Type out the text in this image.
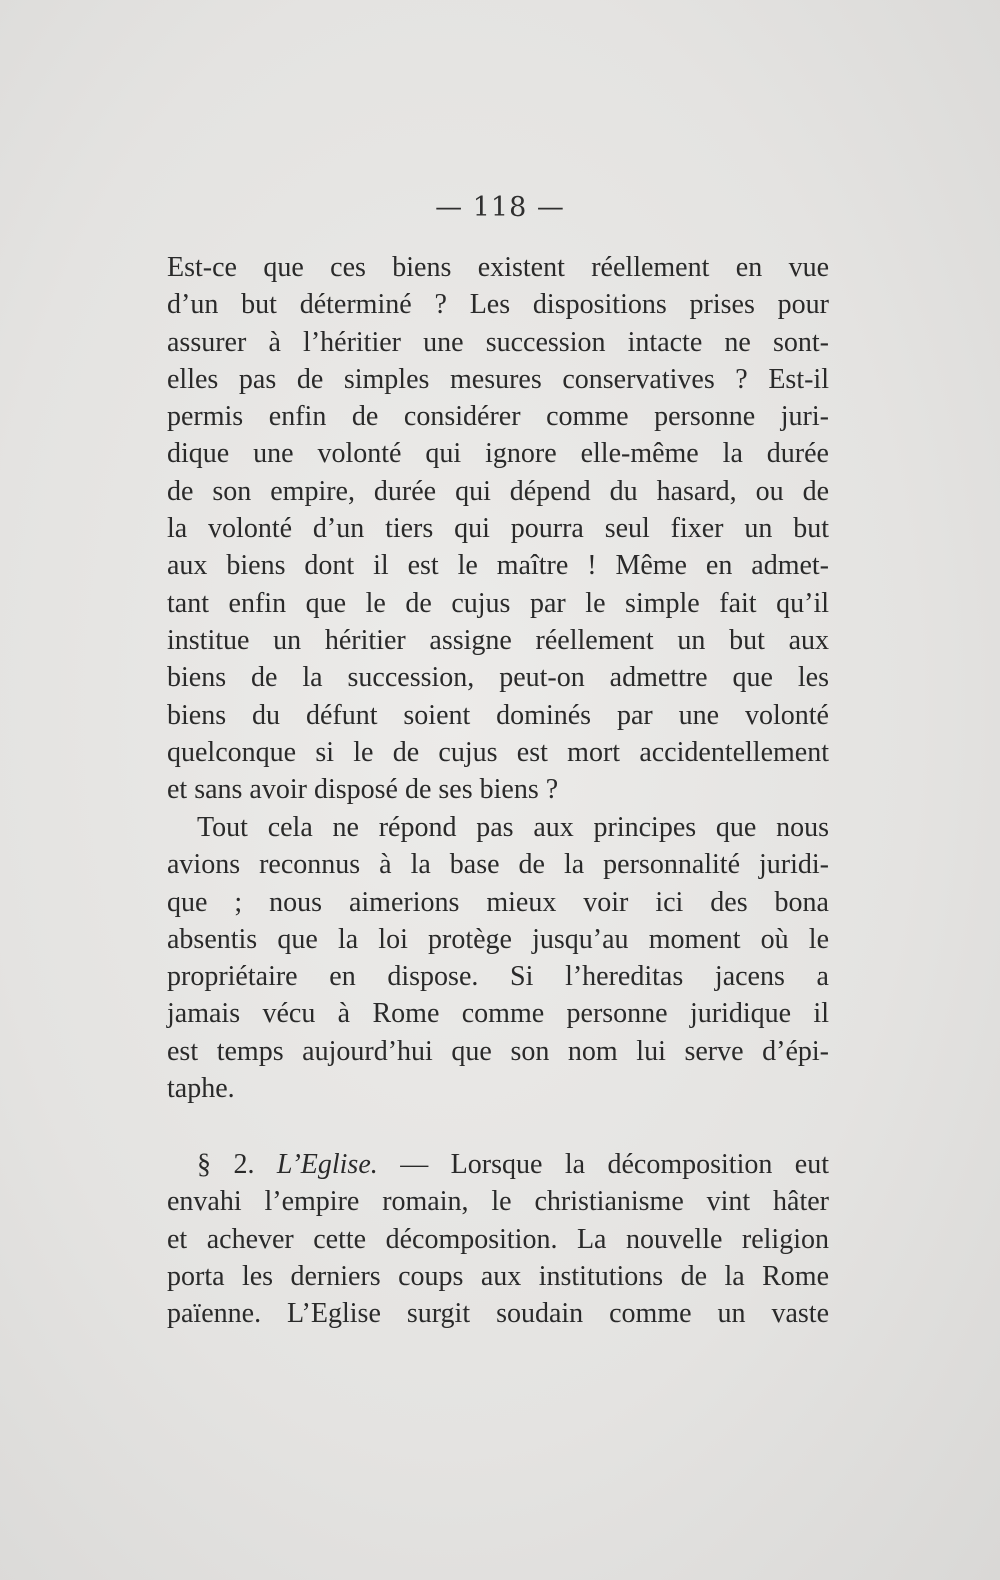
— 118 —
Est-ce que ces biens existent réellement en vue
d’un but déterminé ? Les dispositions prises pour
assurer à l’héritier une succession intacte ne sont-
elles pas de simples mesures conservatives ? Est-il
permis enfin de considérer comme personne juri-
dique une volonté qui ignore elle-même la durée
de son empire, durée qui dépend du hasard, ou de
la volonté d’un tiers qui pourra seul fixer un but
aux biens dont il est le maître ! Même en admet-
tant enfin que le de cujus par le simple fait qu’il
institue un héritier assigne réellement un but aux
biens de la succession, peut-on admettre que les
biens du défunt soient dominés par une volonté
quelconque si le de cujus est mort accidentellement
et sans avoir disposé de ses biens ?
Tout cela ne répond pas aux principes que nous
avions reconnus à la base de la personnalité juridi-
que ; nous aimerions mieux voir ici des bona
absentis que la loi protège jusqu’au moment où le
propriétaire en dispose. Si l’hereditas jacens a
jamais vécu à Rome comme personne juridique il
est temps aujourd’hui que son nom lui serve d’épi-
taphe.
§ 2. L’Eglise. — Lorsque la décomposition eut
envahi l’empire romain, le christianisme vint hâter
et achever cette décomposition. La nouvelle religion
porta les derniers coups aux institutions de la Rome
païenne. L’Eglise surgit soudain comme un vaste
